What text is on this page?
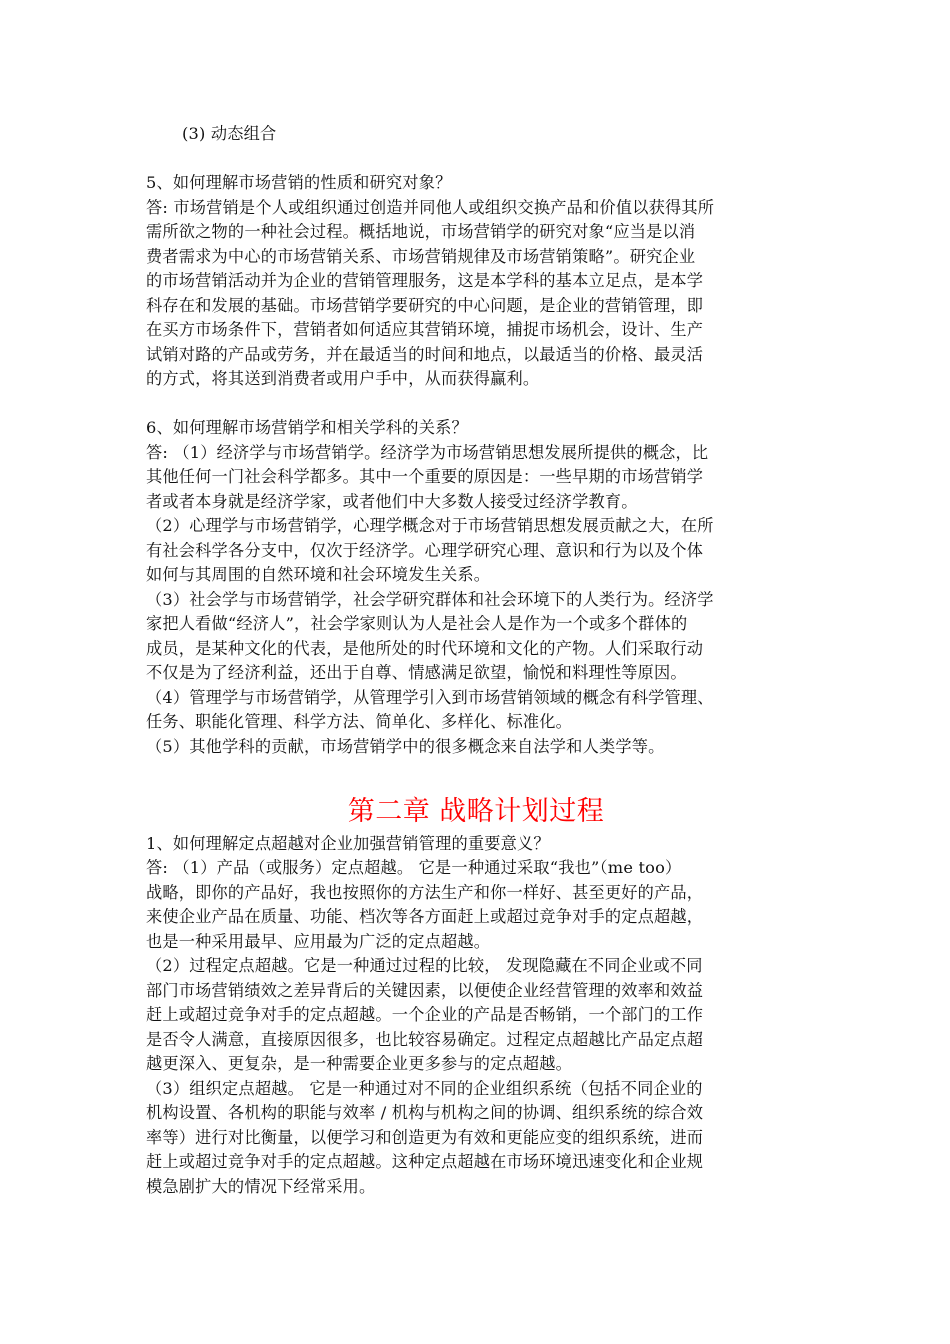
(3) 动态组合
5、如何理解市场营销的性质和研究对象？
答: 市场营销是个人或组织通过创造并同他人或组织交换产品和价值以获得其所
需所欲之物的一种社会过程。概括地说，市场营销学的研究对象“应当是以消
费者需求为中心的市场营销关系、市场营销规律及市场营销策略”。研究企业
的市场营销活动并为企业的营销管理服务，这是本学科的基本立足点，是本学
科存在和发展的基础。市场营销学要研究的中心问题，是企业的营销管理，即
在买方市场条件下，营销者如何适应其营销环境，捕捉市场机会，设计、生产
试销对路的产品或劳务，并在最适当的时间和地点，以最适当的价格、最灵活
的方式，将其送到消费者或用户手中，从而获得赢利。
6、如何理解市场营销学和相关学科的关系？
答: （1）经济学与市场营销学。经济学为市场营销思想发展所提供的概念，比
其他任何一门社会科学都多。其中一个重要的原因是：一些早期的市场营销学
者或者本身就是经济学家，或者他们中大多数人接受过经济学教育。
（2）心理学与市场营销学，心理学概念对于市场营销思想发展贡献之大，在所
有社会科学各分支中，仅次于经济学。心理学研究心理、意识和行为以及个体
如何与其周围的自然环境和社会环境发生关系。
（3）社会学与市场营销学，社会学研究群体和社会环境下的人类行为。经济学
家把人看做“经济人”，社会学家则认为人是社会人是作为一个或多个群体的
成员，是某种文化的代表，是他所处的时代环境和文化的产物。人们采取行动
不仅是为了经济利益，还出于自尊、情感满足欲望，愉悦和料理性等原因。
（4）管理学与市场营销学，从管理学引入到市场营销领域的概念有科学管理、
任务、职能化管理、科学方法、简单化、多样化、标准化。
（5）其他学科的贡献，市场营销学中的很多概念来自法学和人类学等。
第二章 战略计划过程
1、如何理解定点超越对企业加强营销管理的重要意义？
答: （1）产品（或服务）定点超越。 它是一种通过采取“我也”（me too）
战略，即你的产品好，我也按照你的方法生产和你一样好、甚至更好的产品，
来使企业产品在质量、功能、档次等各方面赶上或超过竞争对手的定点超越，
也是一种采用最早、应用最为广泛的定点超越。
（2）过程定点超越。它是一种通过过程的比较， 发现隐藏在不同企业或不同
部门市场营销绩效之差异背后的关键因素，以便使企业经营管理的效率和效益
赶上或超过竞争对手的定点超越。一个企业的产品是否畅销，一个部门的工作
是否令人满意，直接原因很多，也比较容易确定。过程定点超越比产品定点超
越更深入、更复杂，是一种需要企业更多参与的定点超越。
（3）组织定点超越。 它是一种通过对不同的企业组织系统（包括不同企业的
机构设置、各机构的职能与效率 / 机构与机构之间的协调、组织系统的综合效
率等）进行对比衡量，以便学习和创造更为有效和更能应变的组织系统，进而
赶上或超过竞争对手的定点超越。这种定点超越在市场环境迅速变化和企业规
模急剧扩大的情况下经常采用。
